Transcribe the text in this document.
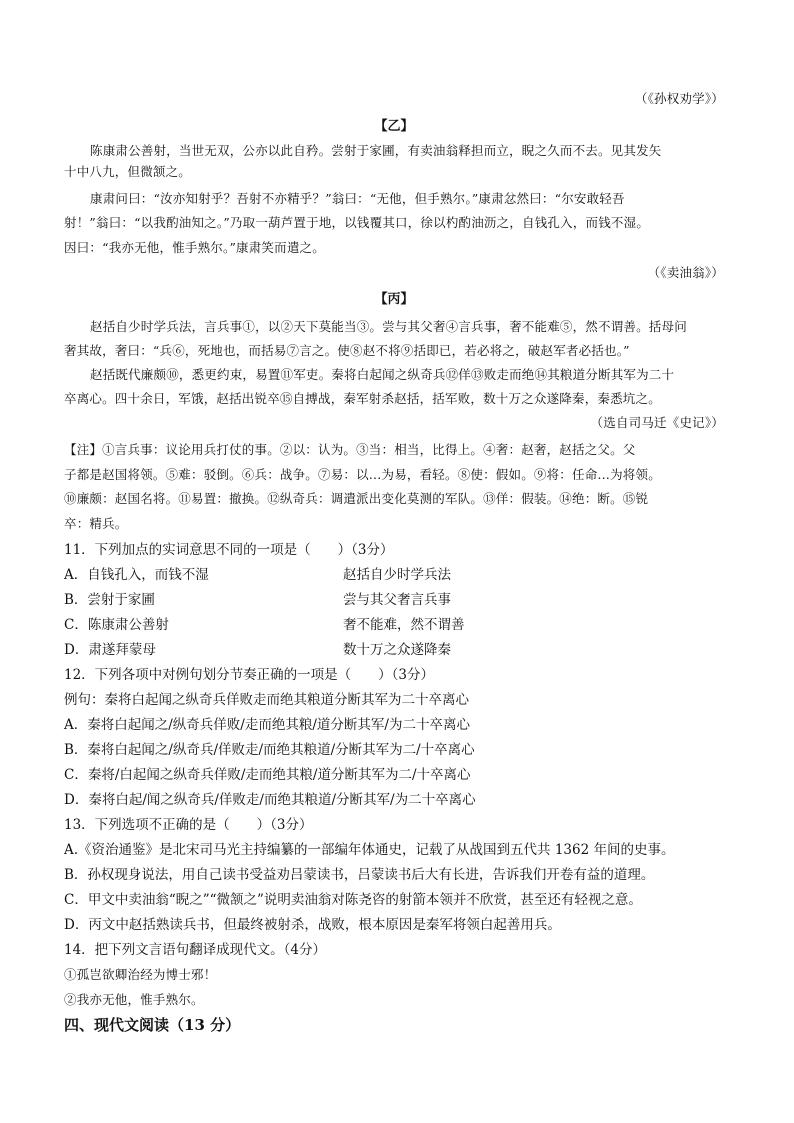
（《孙权劝学》）
【乙】
陈康肃公善射，当世无双，公亦以此自矜。尝射于家圃，有卖油翁释担而立，睨之久而不去。见其发矢
十中八九，但微颔之。
康肃问曰：“汝亦知射乎？吾射不亦精乎？”翁曰：“无他，但手熟尔。”康肃忿然曰：“尔安敢轻吾
射！”翁曰：“以我酌油知之。”乃取一葫芦置于地，以钱覆其口，徐以杓酌油沥之，自钱孔入，而钱不湿。
因曰：“我亦无他，惟手熟尔。”康肃笑而遣之。
（《卖油翁》）
【丙】
赵括自少时学兵法，言兵事①，以②天下莫能当③。尝与其父奢④言兵事，奢不能难⑤，然不谓善。括母问
奢其故，奢曰：“兵⑥，死地也，而括易⑦言之。使⑧赵不将⑨括即已，若必将之，破赵军者必括也。”
赵括既代廉颇⑩，悉更约束，易置⑪军吏。秦将白起闻之纵奇兵⑫佯⑬败走而绝⑭其粮道分断其军为二十
卒离心。四十余日，军饿，赵括出锐卒⑮自搏战，秦军射杀赵括，括军败，数十万之众遂降秦，秦悉坑之。
（选自司马迁《史记》）
【注】①言兵事：议论用兵打仗的事。②以：认为。③当：相当，比得上。④奢：赵奢，赵括之父。父
子都是赵国将领。⑤难：驳倒。⑥兵：战争。⑦易：以…为易，看轻。⑧使：假如。⑨将：任命…为将领。
⑩廉颇：赵国名将。⑪易置：撤换。⑫纵奇兵：调遣派出变化莫测的军队。⑬佯：假装。⑭绝：断。⑮锐
卒：精兵。
11．下列加点的实词意思不同的一项是（　　）（3分）
A．自钱孔入，而钱不湿	赵括自少时学兵法
B．尝射于家圃	尝与其父奢言兵事
C．陈康肃公善射	奢不能难，然不谓善
D．肃遂拜蒙母	数十万之众遂降秦
12．下列各项中对例句划分节奏正确的一项是（　　）（3分）
例句：秦将白起闻之纵奇兵佯败走而绝其粮道分断其军为二十卒离心
A．秦将白起闻之/纵奇兵佯败/走而绝其粮/道分断其军/为二十卒离心
B．秦将白起闻之/纵奇兵/佯败走/而绝其粮道/分断其军为二/十卒离心
C．秦将/白起闻之纵奇兵佯败/走而绝其粮/道分断其军为二/十卒离心
D．秦将白起/闻之纵奇兵/佯败走/而绝其粮道/分断其军/为二十卒离心
13．下列选项不正确的是（　　）（3分）
A.《资治通鉴》是北宋司马光主持编纂的一部编年体通史，记载了从战国到五代共 1362 年间的史事。
B．孙权现身说法，用自己读书受益劝吕蒙读书，吕蒙读书后大有长进，告诉我们开卷有益的道理。
C．甲文中卖油翁“睨之”“微颔之”说明卖油翁对陈尧咨的射箭本领并不欣赏，甚至还有轻视之意。
D．丙文中赵括熟读兵书，但最终被射杀，战败，根本原因是秦军将领白起善用兵。
14．把下列文言语句翻译成现代文。（4分）
①孤岂欲卿治经为博士邪！
②我亦无他，惟手熟尔。
四、现代文阅读（13 分）
